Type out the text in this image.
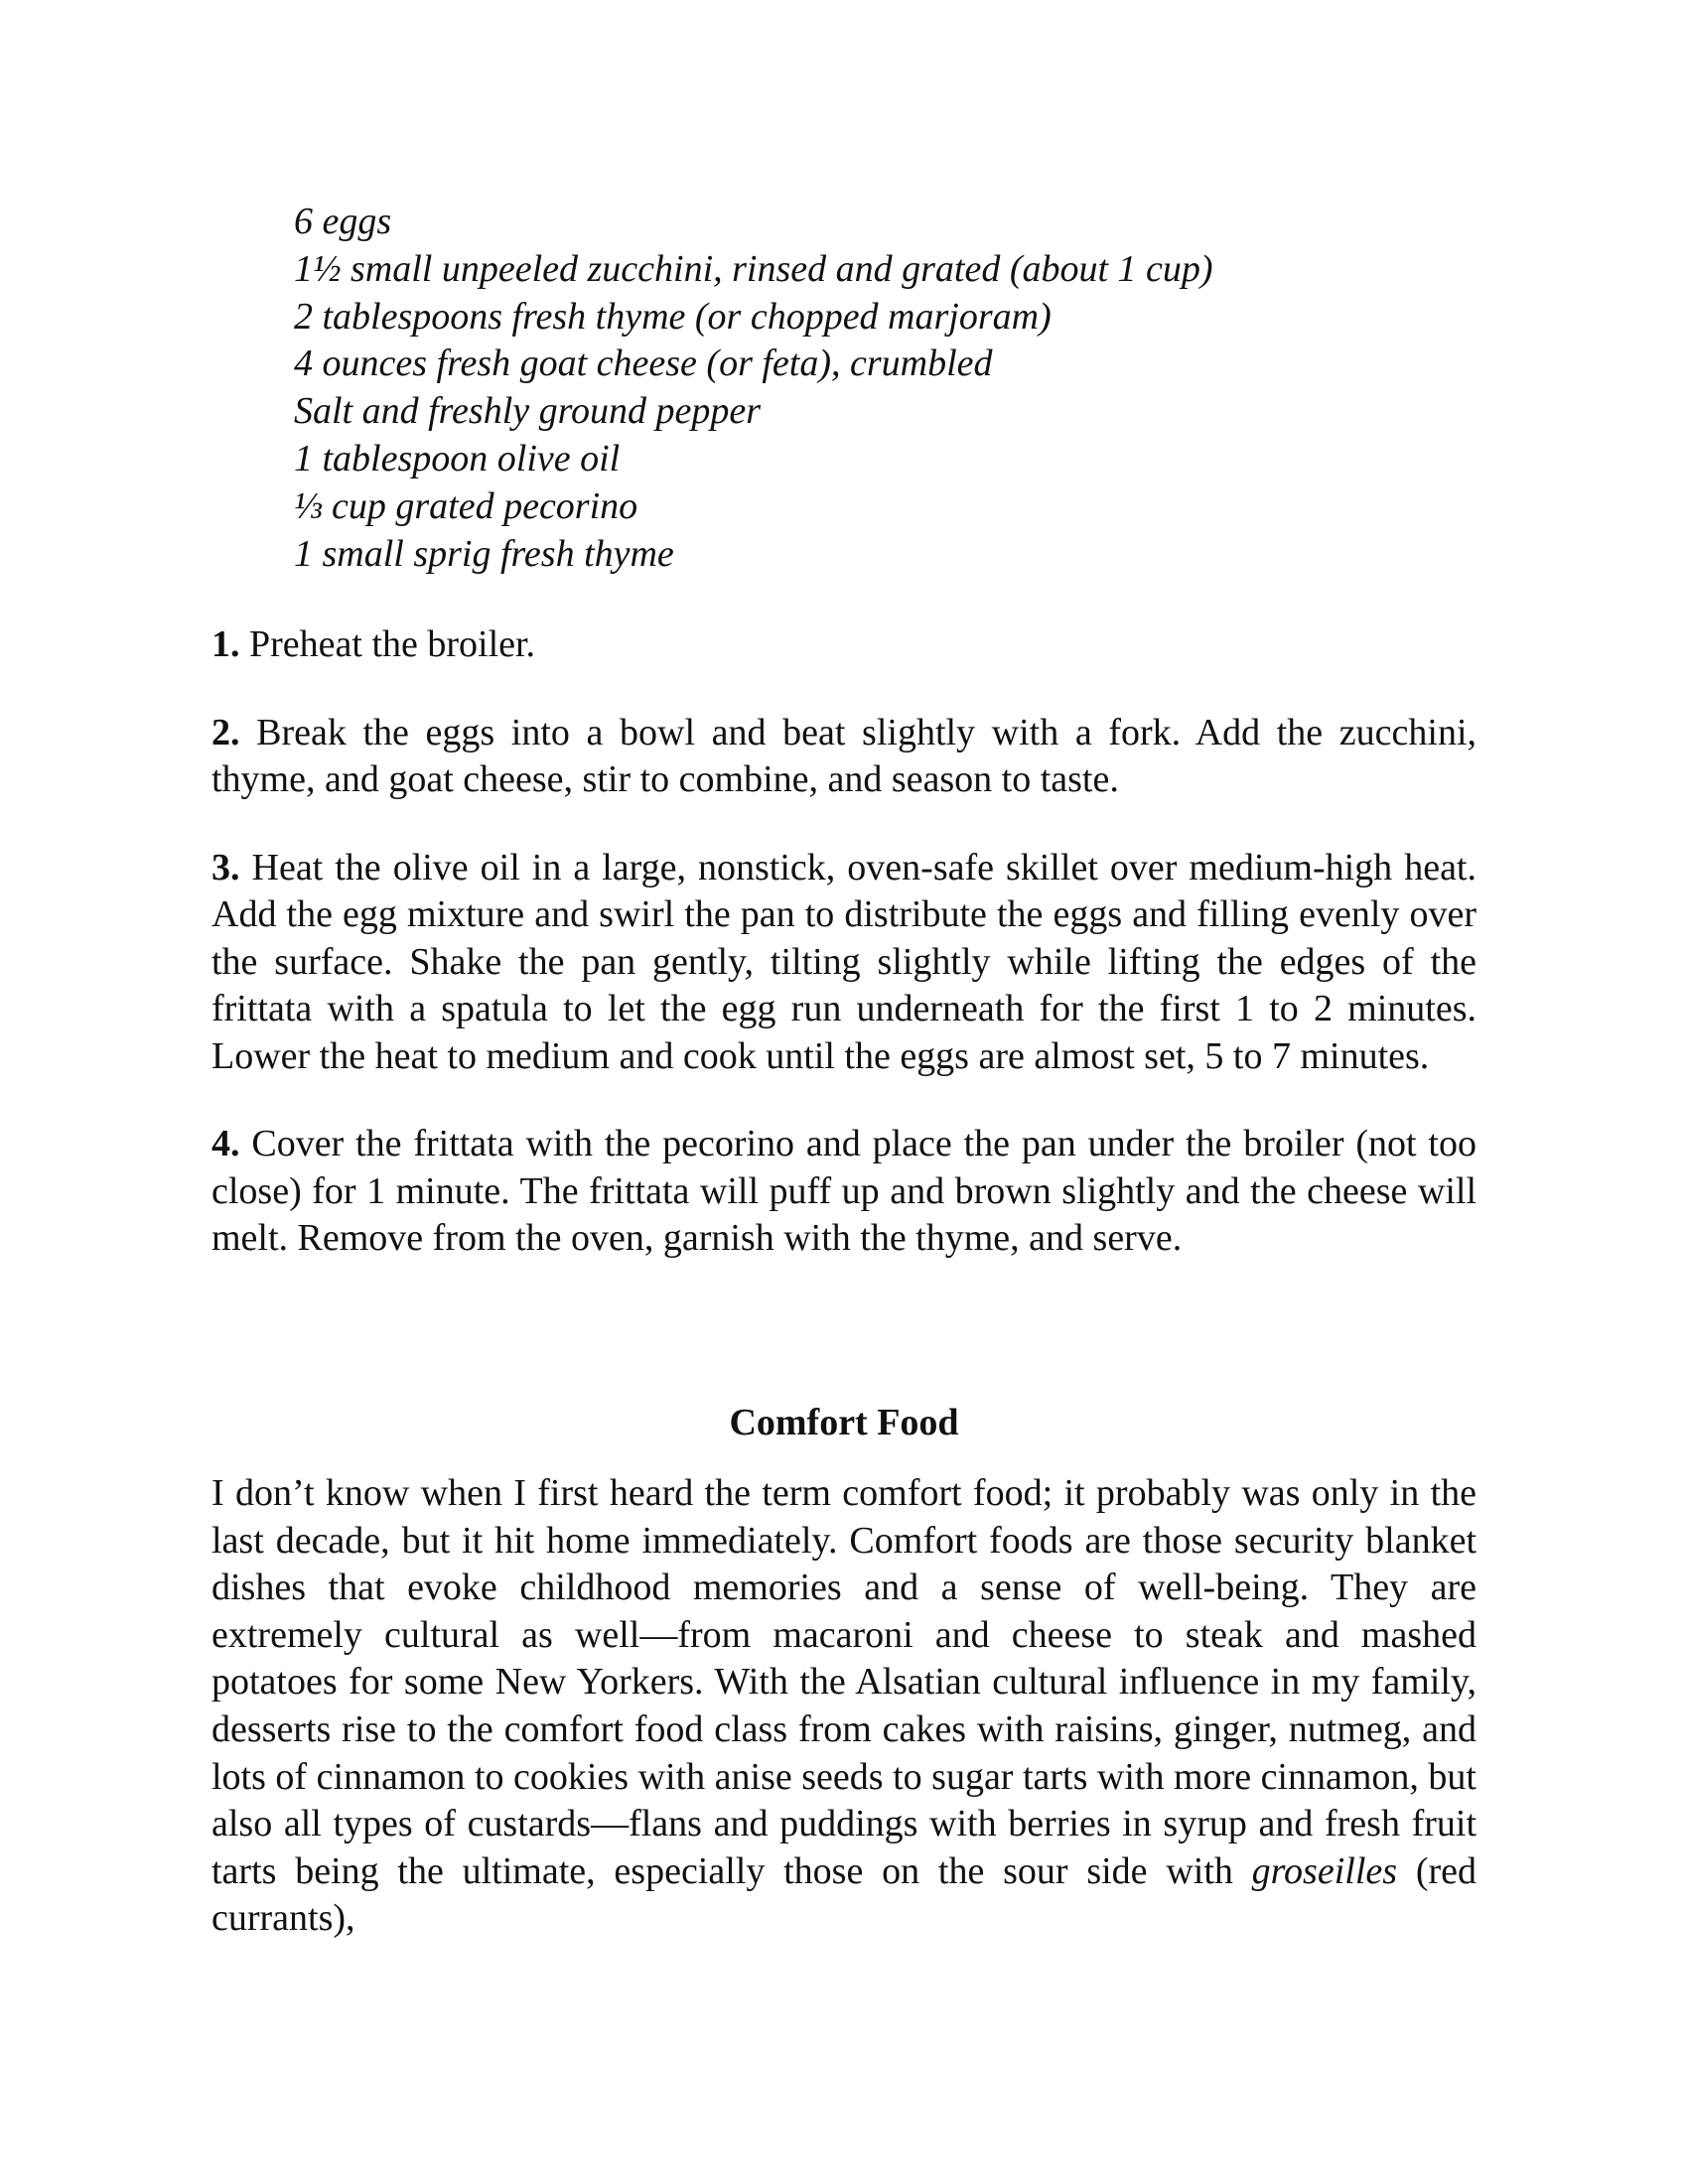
6 eggs
1½ small unpeeled zucchini, rinsed and grated (about 1 cup)
2 tablespoons fresh thyme (or chopped marjoram)
4 ounces fresh goat cheese (or feta), crumbled
Salt and freshly ground pepper
1 tablespoon olive oil
⅓ cup grated pecorino
1 small sprig fresh thyme

1. Preheat the broiler.

2. Break the eggs into a bowl and beat slightly with a fork. Add the zucchini, thyme, and goat cheese, stir to combine, and season to taste.

3. Heat the olive oil in a large, nonstick, oven-safe skillet over medium-high heat. Add the egg mixture and swirl the pan to distribute the eggs and filling evenly over the surface. Shake the pan gently, tilting slightly while lifting the edges of the frittata with a spatula to let the egg run underneath for the first 1 to 2 minutes. Lower the heat to medium and cook until the eggs are almost set, 5 to 7 minutes.

4. Cover the frittata with the pecorino and place the pan under the broiler (not too close) for 1 minute. The frittata will puff up and brown slightly and the cheese will melt. Remove from the oven, garnish with the thyme, and serve.

Comfort Food

I don’t know when I first heard the term comfort food; it probably was only in the last decade, but it hit home immediately. Comfort foods are those security blanket dishes that evoke childhood memories and a sense of well-being. They are extremely cultural as well—from macaroni and cheese to steak and mashed potatoes for some New Yorkers. With the Alsatian cultural influence in my family, desserts rise to the comfort food class from cakes with raisins, ginger, nutmeg, and lots of cinnamon to cookies with anise seeds to sugar tarts with more cinnamon, but also all types of custards—flans and puddings with berries in syrup and fresh fruit tarts being the ultimate, especially those on the sour side with groseilles (red currants),
